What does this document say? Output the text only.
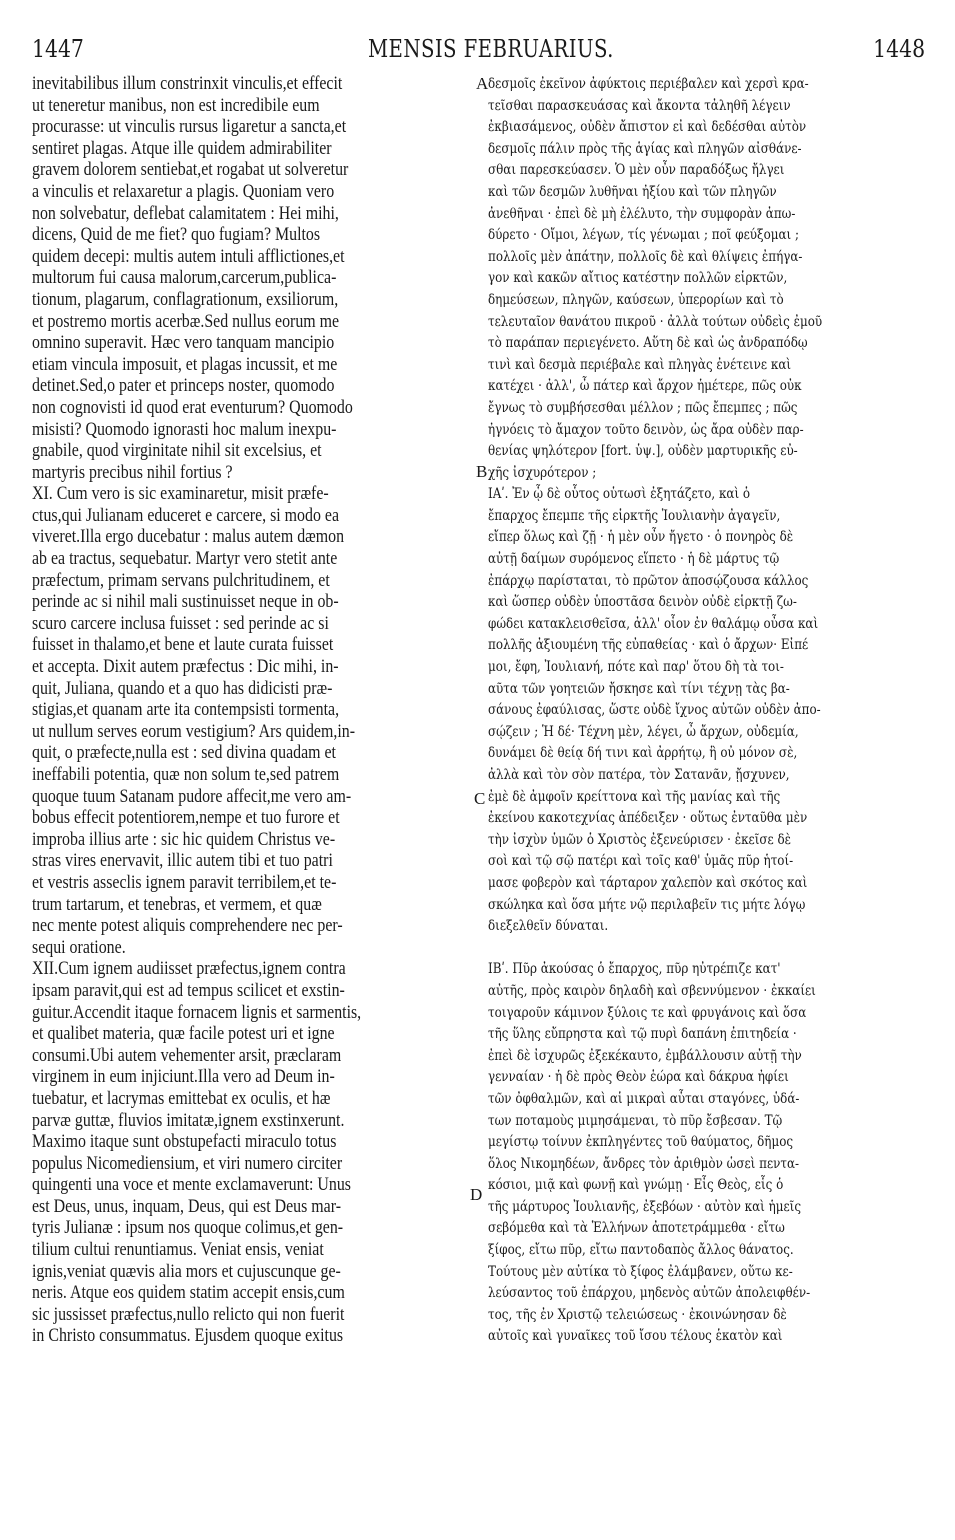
1447	MENSIS FEBRUARIUS.	1448
inevitabilibus illum constrinxit vinculis,et effecit
ut teneretur manibus, non est incredibile eum
procurasse: ut vinculis rursus ligaretur a sancta,et
sentiret plagas. Atque ille quidem admirabiliter
gravem dolorem sentiebat,et rogabat ut solveretur
a vinculis et relaxaretur a plagis. Quoniam vero
non solvebatur, deflebat calamitatem : Hei mihi,
dicens, Quid de me fiet? quo fugiam? Multos
quidem decepi: multis autem intuli afflictiones,et
multorum fui causa malorum,carcerum,publica-
tionum, plagarum, conflagrationum, exsiliorum,
et postremo mortis acerbæ.Sed nullus eorum me
omnino superavit. Hæc vero tanquam mancipio
etiam vincula imposuit, et plagas incussit, et me
detinet.Sed,o pater et princeps noster, quomodo
non cognovisti id quod erat eventurum? Quomodo
misisti? Quomodo ignorasti hoc malum inexpu-
gnabile, quod virginitate nihil sit excelsius, et
martyris precibus nihil fortius ?
XI. Cum vero is sic examinaretur, misit præfe-
ctus,qui Julianam educeret e carcere, si modo ea
viveret.Illa ergo ducebatur : malus autem dæmon
ab ea tractus, sequebatur. Martyr vero stetit ante
præfectum, primam servans pulchritudinem, et
perinde ac si nihil mali sustinuisset neque in ob-
scuro carcere inclusa fuisset : sed perinde ac si
fuisset in thalamo,et bene et laute curata fuisset
et accepta. Dixit autem præfectus : Dic mihi, in-
quit, Juliana, quando et a quo has didicisti præ-
stigias,et quanam arte ita contempsisti tormenta,
ut nullum serves eorum vestigium? Ars quidem,in-
quit, o præfecte,nulla est : sed divina quadam et
ineffabili potentia, quæ non solum te,sed patrem
quoque tuum Satanam pudore affecit,me vero am-
bobus effecit potentiorem,nempe et tuo furore et
improba illius arte : sic hic quidem Christus ve-
stras vires enervavit, illic autem tibi et tuo patri
et vestris asseclis ignem paravit terribilem,et te-
trum tartarum, et tenebras, et vermem, et quæ
nec mente potest aliquis comprehendere nec per-
sequi oratione.
XII.Cum ignem audiisset præfectus,ignem contra
ipsam paravit,qui est ad tempus scilicet et exstin-
guitur.Accendit itaque fornacem lignis et sarmentis,
et qualibet materia, quæ facile potest uri et igne
consumi.Ubi autem vehementer arsit, præclaram
virginem in eum injiciunt.Illa vero ad Deum in-
tuebatur, et lacrymas emittebat ex oculis, et hæ
parvæ guttæ, fluvios imitatæ,ignem exstinxerunt.
Maximo itaque sunt obstupefacti miraculo totus
populus Nicomediensium, et viri numero circiter
quingenti una voce et mente exclamaverunt: Unus
est Deus, unus, inquam, Deus, qui est Deus mar-
tyris Julianæ : ipsum nos quoque colimus,et gen-
tilium cultui renuntiamus. Veniat ensis, veniat
ignis,veniat quævis alia mors et cujuscunque ge-
neris. Atque eos quidem statim accepit ensis,cum
sic jussisset præfectus,nullo relicto qui non fuerit
in Christo consummatus. Ejusdem quoque exitus
δεσμοῖς ἐκεῖνον ἀφύκτοις περιέβαλεν καὶ χερσὶ κρα-
τεῖσθαι παρασκευάσας καὶ ἄκοντα τἀληθῆ λέγειν
ἐκβιασάμενος, οὐδὲν ἄπιστον εἰ καὶ δεδέσθαι αὐτὸν
δεσμοῖς πάλιν πρὸς τῆς ἁγίας καὶ πληγῶν αἰσθάνε-
σθαι παρεσκεύασεν. Ὁ μὲν οὖν παραδόξως ἤλγει
καὶ τῶν δεσμῶν λυθῆναι ἠξίου καὶ τῶν πληγῶν
ἀνεθῆναι · ἐπεὶ δὲ μὴ ἐλέλυτο, τὴν συμφορὰν ἀπω-
δύρετο · Οἴμοι, λέγων, τίς γένωμαι ; ποῖ φεύξομαι ;
πολλοῖς μὲν ἀπάτην, πολλοῖς δὲ καὶ θλίψεις ἐπήγα-
γον καὶ κακῶν αἴτιος κατέστην πολλῶν εἱρκτῶν,
δημεύσεων, πληγῶν, καύσεων, ὑπερορίων καὶ τὸ
τελευταῖον θανάτου πικροῦ · ἀλλὰ τούτων οὐδεὶς ἐμοῦ
τὸ παράπαν περιεγένετο. Αὕτη δὲ καὶ ὡς ἀνδραπόδῳ
τινὶ καὶ δεσμὰ περιέβαλε καὶ πληγὰς ἐνέτεινε καὶ
κατέχει · ἀλλ', ὦ πάτερ καὶ ἄρχον ἡμέτερε, πῶς οὐκ
ἔγνως τὸ συμβήσεσθαι μέλλον ; πῶς ἔπεμπες ; πῶς
ἠγνόεις τὸ ἄμαχον τοῦτο δεινὸν, ὡς ἄρα οὐδὲν παρ-
θενίας ψηλότερον [fort. ὑψ.], οὐδὲν μαρτυρικῆς εὐ-
χῆς ἰσχυρότερον ;
ΙΑʹ. Ἐν ᾧ δὲ οὗτος οὑτωσὶ ἐξητάζετο, καὶ ὁ
ἔπαρχος ἔπεμπε τῆς εἱρκτῆς Ἰουλιανὴν ἀγαγεῖν,
εἴπερ ὅλως καὶ ζῇ · ἡ μὲν οὖν ἤγετο · ὁ πονηρὸς δὲ
αὐτῇ δαίμων συρόμενος εἵπετο · ἡ δὲ μάρτυς τῷ
ἐπάρχῳ παρίσταται, τὸ πρῶτον ἀποσῴζουσα κάλλος
καὶ ὥσπερ οὐδὲν ὑποστᾶσα δεινὸν οὐδὲ εἱρκτῇ ζω-
φώδει κατακλεισθεῖσα, ἀλλ' οἷον ἐν θαλάμῳ οὖσα καὶ
πολλῆς ἀξιουμένη τῆς εὐπαθείας · καὶ ὁ ἄρχων· Εἰπέ
μοι, ἔφη, Ἰουλιανή, πότε καὶ παρ' ὅτου δὴ τὰ τοι-
αῦτα τῶν γοητειῶν ἤσκησε καὶ τίνι τέχνῃ τὰς βα-
σάνους ἐφαύλισας, ὥστε οὐδὲ ἴχνος αὐτῶν οὐδὲν ἀπο-
σῴζειν ; Ἡ δέ· Τέχνη μὲν, λέγει, ὦ ἄρχων, οὐδεμία,
δυνάμει δὲ θείᾳ δή τινι καὶ ἀρρήτῳ, ἣ οὐ μόνον σὲ,
ἀλλὰ καὶ τὸν σὸν πατέρα, τὸν Σατανᾶν, ᾔσχυνεν,
ἐμὲ δὲ ἀμφοῖν κρείττονα καὶ τῆς μανίας καὶ τῆς
ἐκείνου κακοτεχνίας ἀπέδειξεν · οὕτως ἐνταῦθα μὲν
τὴν ἰσχὺν ὑμῶν ὁ Χριστὸς ἐξενεύρισεν · ἐκεῖσε δὲ
σοὶ καὶ τῷ σῷ πατέρι καὶ τοῖς καθ' ὑμᾶς πῦρ ἡτοί-
μασε φοβερὸν καὶ τάρταρον χαλεπὸν καὶ σκότος καὶ
σκώληκα καὶ ὅσα μήτε νῷ περιλαβεῖν τις μήτε λόγῳ
διεξελθεῖν δύναται.
ΙΒʹ. Πῦρ ἀκούσας ὁ ἔπαρχος, πῦρ ηὐτρέπιζε κατ'
αὐτῆς, πρὸς καιρὸν δηλαδὴ καὶ σβεννύμενον · ἐκκαίει
τοιγαροῦν κάμινον ξύλοις τε καὶ φρυγάνοις καὶ ὅσα
τῆς ὕλης εὔπρηστα καὶ τῷ πυρὶ δαπάνη ἐπιτηδεία ·
ἐπεὶ δὲ ἰσχυρῶς ἐξεκέκαυτο, ἐμβάλλουσιν αὐτῇ τὴν
γενναίαν · ἡ δὲ πρὸς Θεὸν ἑώρα καὶ δάκρυα ἠφίει
τῶν ὀφθαλμῶν, καὶ αἱ μικραὶ αὗται σταγόνες, ὑδά-
των ποταμοὺς μιμησάμεναι, τὸ πῦρ ἔσβεσαν. Τῷ
μεγίστῳ τοίνυν ἐκπληγέντες τοῦ θαύματος, δῆμος
ὅλος Νικομηδέων, ἄνδρες τὸν ἀριθμὸν ὡσεὶ πεντα-
κόσιοι, μιᾷ καὶ φωνῇ καὶ γνώμῃ · Εἷς Θεὸς, εἷς ὁ
τῆς μάρτυρος Ἰουλιανῆς, ἐξεβόων · αὐτὸν καὶ ἡμεῖς
σεβόμεθα καὶ τὰ Ἑλλήνων ἀποτετράμμεθα · εἴτω
ξίφος, εἴτω πῦρ, εἴτω παντοδαπὸς ἄλλος θάνατος.
Τούτους μὲν αὐτίκα τὸ ξίφος ἐλάμβανεν, οὕτω κε-
λεύσαντος τοῦ ἐπάρχου, μηδενὸς αὐτῶν ἀπολειφθέν-
τος, τῆς ἐν Χριστῷ τελειώσεως · ἐκοινώνησαν δὲ
αὐτοῖς καὶ γυναῖκες τοῦ ἴσου τέλους ἑκατὸν καὶ
A
B
C
D
